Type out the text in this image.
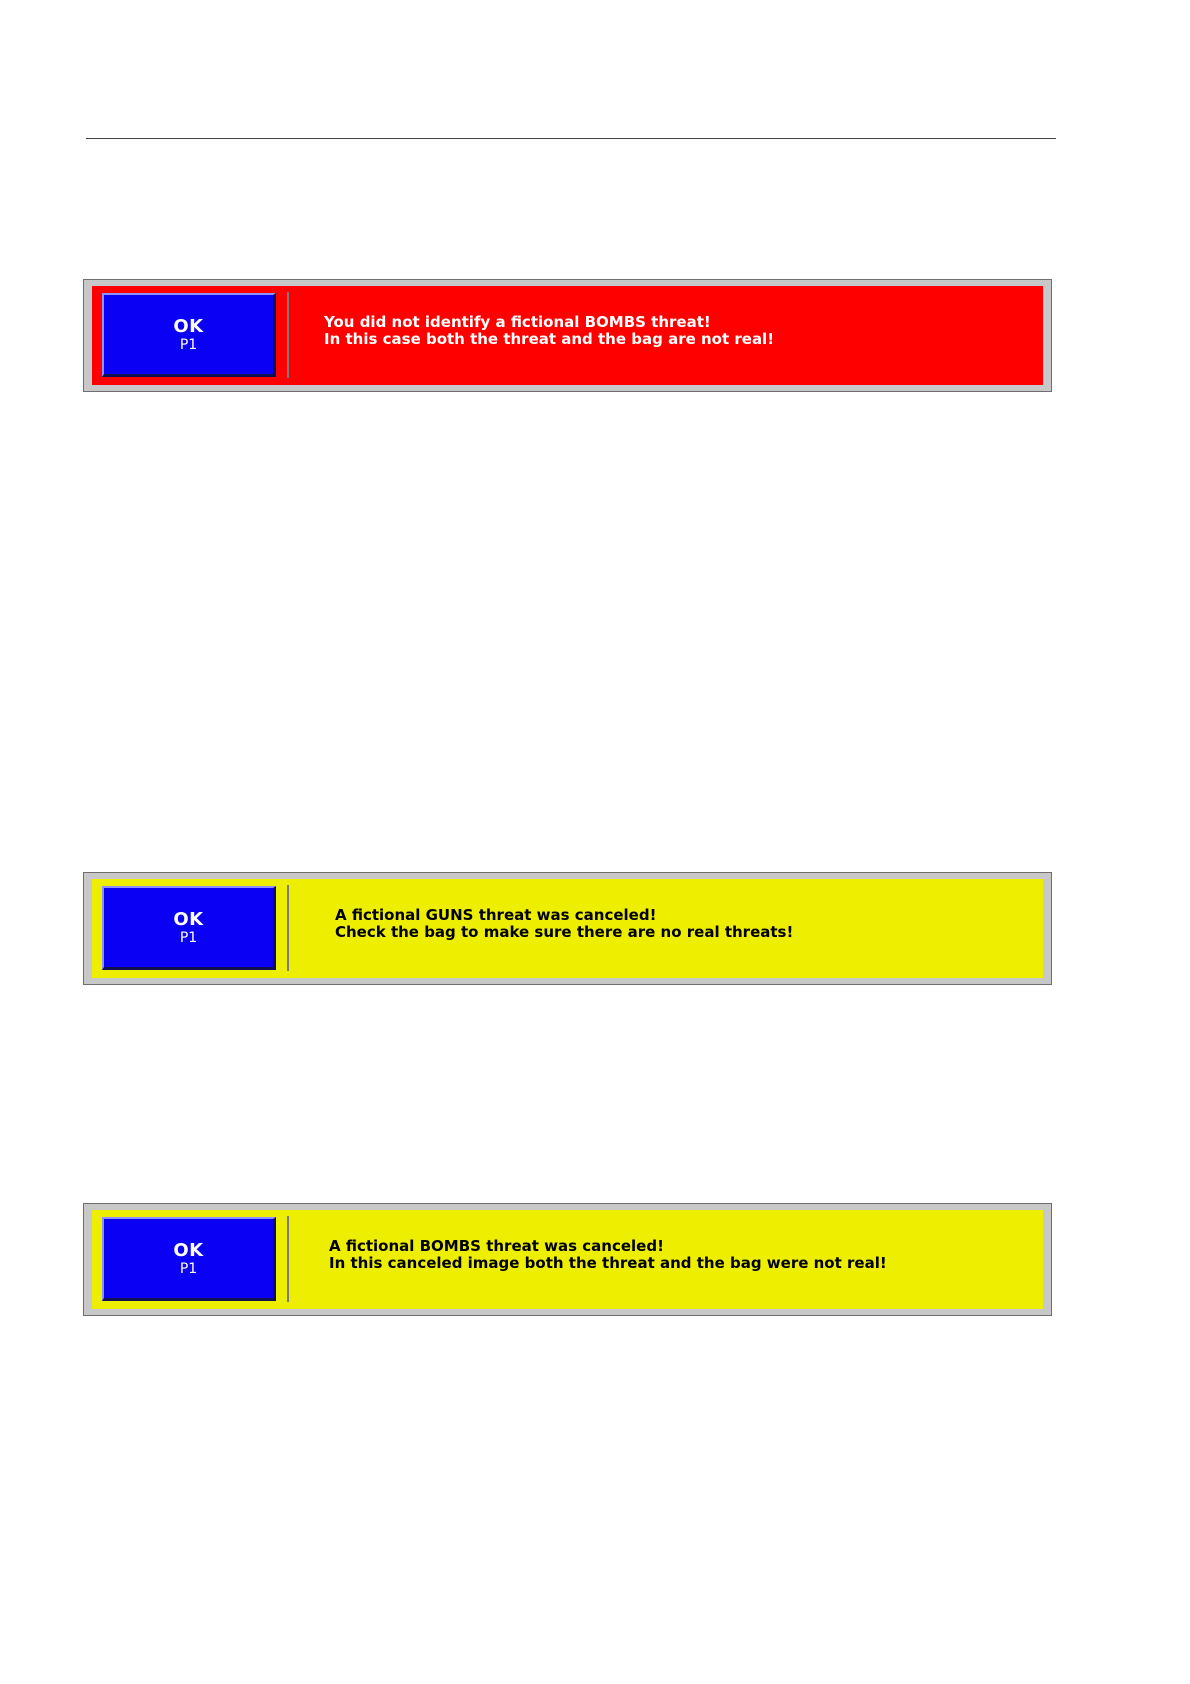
OK
P1
You did not identify a fictional BOMBS threat!
In this case both the threat and the bag are not real!
OK
P1
A fictional GUNS threat was canceled!
Check the bag to make sure there are no real threats!
OK
P1
A fictional BOMBS threat was canceled!
In this canceled image both the threat and the bag were not real!
